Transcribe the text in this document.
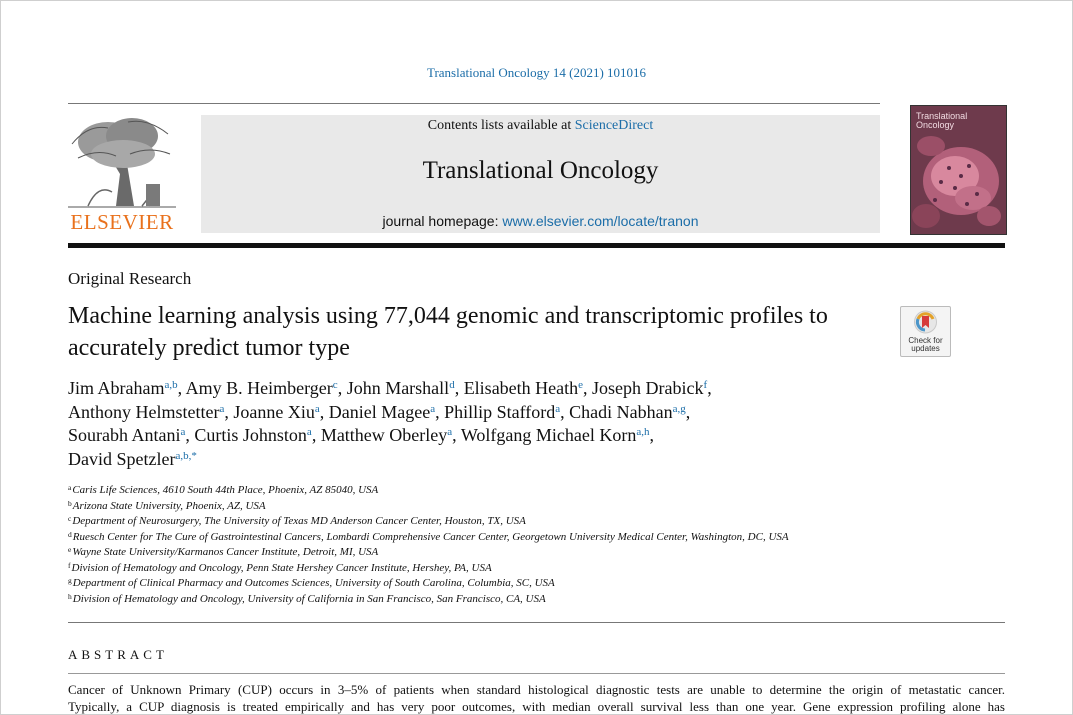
Translational Oncology 14 (2021) 101016
ELSEVIER
Contents lists available at ScienceDirect
Translational Oncology
journal homepage: www.elsevier.com/locate/tranon
Translational
Oncology
Original Research
Machine learning analysis using 77,044 genomic and transcriptomic profiles to accurately predict tumor type	Check for
updates
Jim Abraham$^{a,b}$, Amy B. Heimberger$^c$, John Marshall$^d$, Elisabeth Heath$^e$, Joseph Drabick$^f$,
Anthony Helmstetter$^a$, Joanne Xiu$^a$, Daniel Magee$^a$, Phillip Stafford$^a$, Chadi Nabhan$^{a,g}$,
Sourabh Antani$^a$, Curtis Johnston$^a$, Matthew Oberley$^a$, Wolfgang Michael Korn$^{a,h}$,
David Spetzler$^{a,b,*}$
$^a$Caris Life Sciences, 4610 South 44th Place, Phoenix, AZ 85040, USA
$^b$Arizona State University, Phoenix, AZ, USA
$^c$Department of Neurosurgery, The University of Texas MD Anderson Cancer Center, Houston, TX, USA
$^d$Ruesch Center for The Cure of Gastrointestinal Cancers, Lombardi Comprehensive Cancer Center, Georgetown University Medical Center, Washington, DC, USA
$^e$Wayne State University/Karmanos Cancer Institute, Detroit, MI, USA
$^f$Division of Hematology and Oncology, Penn State Hershey Cancer Institute, Hershey, PA, USA
$^g$Department of Clinical Pharmacy and Outcomes Sciences, University of South Carolina, Columbia, SC, USA
$^h$Division of Hematology and Oncology, University of California in San Francisco, San Francisco, CA, USA
ABSTRACT
Cancer of Unknown Primary (CUP) occurs in 3–5% of patients when standard histological diagnostic tests are unable to determine the origin of metastatic cancer.
Typically, a CUP diagnosis is treated empirically and has very poor outcomes, with median overall survival less than one year. Gene expression profiling alone has
